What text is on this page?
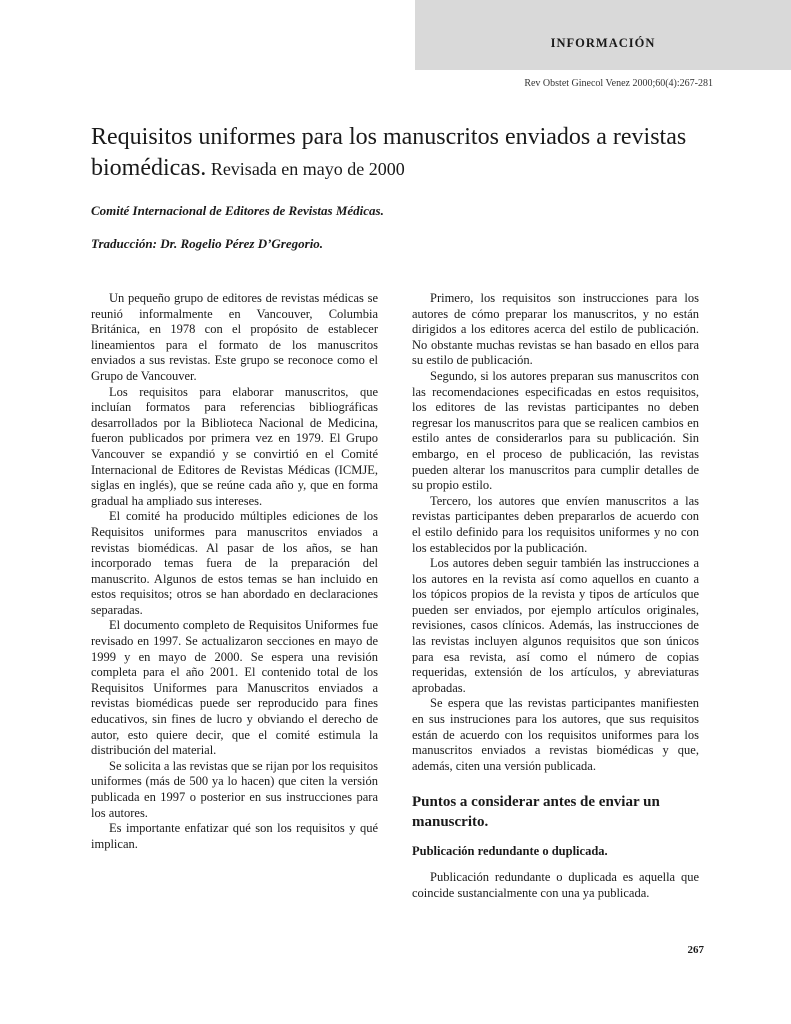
INFORMACIÓN
Rev Obstet Ginecol Venez 2000;60(4):267-281
Requisitos uniformes para los manuscritos enviados a revistas biomédicas. Revisada en mayo de 2000
Comité Internacional de Editores de Revistas Médicas.
Traducción: Dr. Rogelio Pérez D’Gregorio.

Un pequeño grupo de editores de revistas médicas se reunió informalmente en Vancouver, Columbia Británica, en 1978 con el propósito de establecer lineamientos para el formato de los manuscritos enviados a sus revistas. Este grupo se reconoce como el Grupo de Vancouver.

Los requisitos para elaborar manuscritos, que incluían formatos para referencias bibliográficas desarrollados por la Biblioteca Nacional de Medicina, fueron publicados por primera vez en 1979. El Grupo Vancouver se expandió y se convirtió en el Comité Internacional de Editores de Revistas Médicas (ICMJE, siglas en inglés), que se reúne cada año y, que en forma gradual ha ampliado sus intereses.

El comité ha producido múltiples ediciones de los Requisitos uniformes para manuscritos enviados a revistas biomédicas. Al pasar de los años, se han incorporado temas fuera de la preparación del manuscrito. Algunos de estos temas se han incluido en estos requisitos; otros se han abordado en declaraciones separadas.

El documento completo de Requisitos Uniformes fue revisado en 1997. Se actualizaron secciones en mayo de 1999 y en mayo de 2000. Se espera una revisión completa para el año 2001. El contenido total de los Requisitos Uniformes para Manuscritos enviados a revistas biomédicas puede ser reproducido para fines educativos, sin fines de lucro y obviando el derecho de autor, esto quiere decir, que el comité estimula la distribución del material.

Se solicita a las revistas que se rijan por los requisitos uniformes (más de 500 ya lo hacen) que citen la versión publicada en 1997 o posterior en sus instrucciones para los autores.

Es importante enfatizar qué son los requisitos y qué implican.

Primero, los requisitos son instrucciones para los autores de cómo preparar los manuscritos, y no están dirigidos a los editores acerca del estilo de publicación. No obstante muchas revistas se han basado en ellos para su estilo de publicación.

Segundo, si los autores preparan sus manuscritos con las recomendaciones especificadas en estos requisitos, los editores de las revistas participantes no deben regresar los manuscritos para que se realicen cambios en estilo antes de considerarlos para su publicación. Sin embargo, en el proceso de publicación, las revistas pueden alterar los manuscritos para cumplir detalles de su propio estilo.

Tercero, los autores que envíen manuscritos a las revistas participantes deben prepararlos de acuerdo con el estilo definido para los requisitos uniformes y no con los establecidos por la publicación.

Los autores deben seguir también las instrucciones a los autores en la revista así como aquellos en cuanto a los tópicos propios de la revista y tipos de artículos que pueden ser enviados, por ejemplo artículos originales, revisiones, casos clínicos. Además, las instrucciones de las revistas incluyen algunos requisitos que son únicos para esa revista, así como el número de copias requeridas, extensión de los artículos, y abreviaturas aprobadas.

Se espera que las revistas participantes manifiesten en sus instruciones para los autores, que sus requisitos están de acuerdo con los requisitos uniformes para los manuscritos enviados a revistas biomédicas y que, además, citen una versión publicada.

Puntos a considerar antes de enviar un manuscrito.
Publicación redundante o duplicada.

Publicación redundante o duplicada es aquella que coincide sustancialmente con una ya publicada.

267
